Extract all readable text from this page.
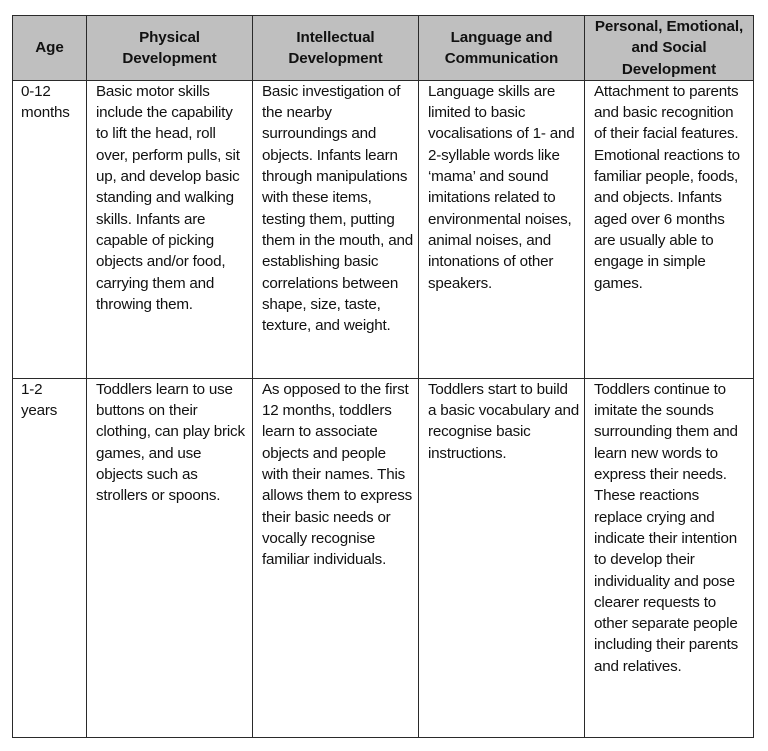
Age	Physical Development	Intellectual Development	Language and Communication	Personal, Emotional, and Social Development
0-12 months	Basic motor skills include the capability to lift the head, roll over, perform pulls, sit up, and develop basic standing and walking skills. Infants are capable of picking objects and/or food, carrying them and throwing them.	Basic investigation of the nearby surroundings and objects. Infants learn through manipulations with these items, testing them, putting them in the mouth, and establishing basic correlations between shape, size, taste, texture, and weight.	Language skills are limited to basic vocalisations of 1- and 2-syllable words like ‘mama’ and sound imitations related to environmental noises, animal noises, and intonations of other speakers.	Attachment to parents and basic recognition of their facial features. Emotional reactions to familiar people, foods, and objects. Infants aged over 6 months are usually able to engage in simple games.
1-2 years	Toddlers learn to use buttons on their clothing, can play brick games, and use objects such as strollers or spoons.	As opposed to the first 12 months, toddlers learn to associate objects and people with their names. This allows them to express their basic needs or vocally recognise familiar individuals.	Toddlers start to build a basic vocabulary and recognise basic instructions.	Toddlers continue to imitate the sounds surrounding them and learn new words to express their needs. These reactions replace crying and indicate their intention to develop their individuality and pose clearer requests to other separate people including their parents and relatives.
